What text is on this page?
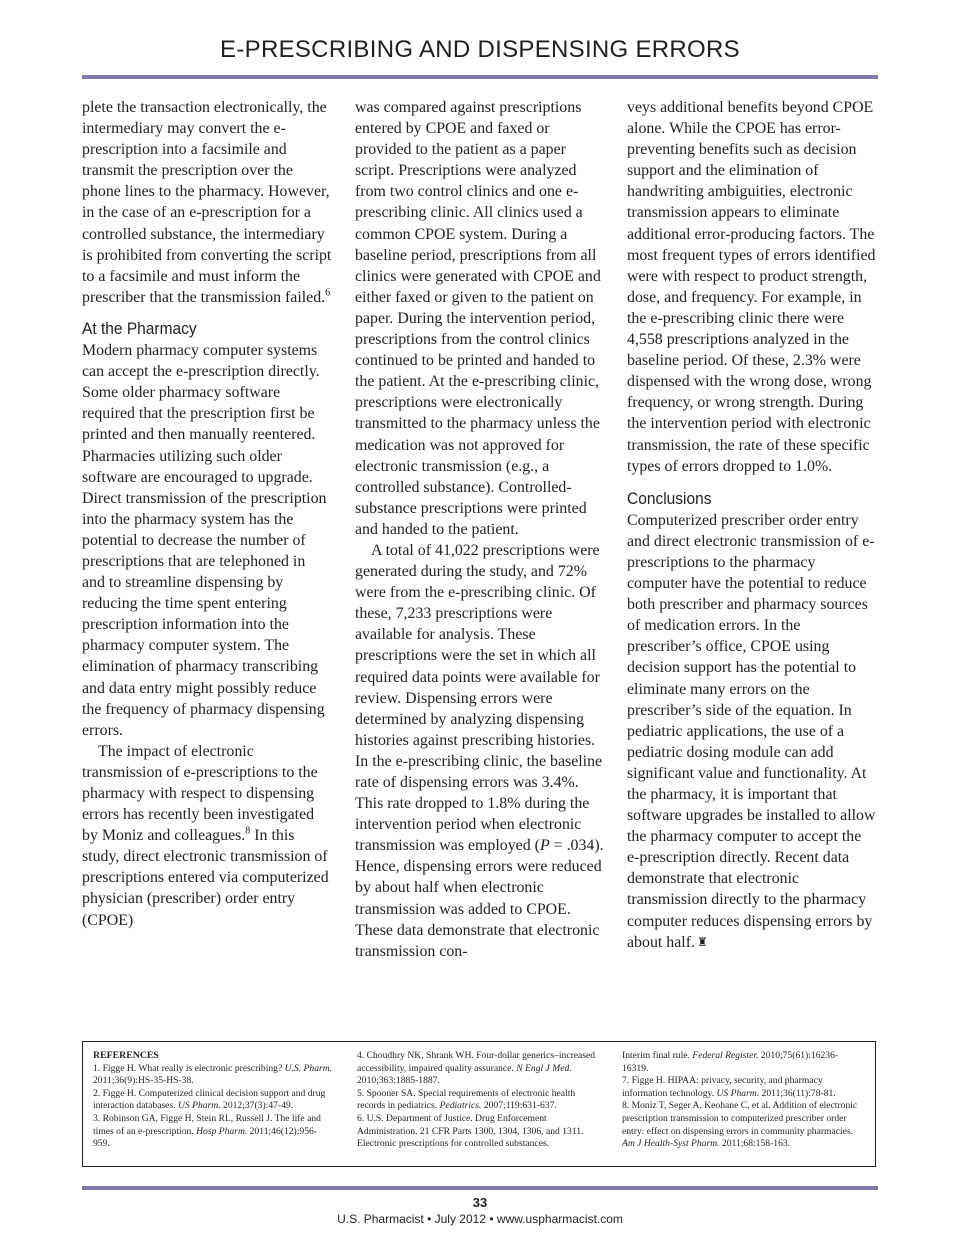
E-PRESCRIBING AND DISPENSING ERRORS

plete the transaction electronically, the intermediary may convert the e-prescription into a facsimile and transmit the prescription over the phone lines to the pharmacy. However, in the case of an e-prescription for a controlled substance, the intermediary is prohibited from converting the script to a facsimile and must inform the prescriber that the transmission failed.$^6$

At the Pharmacy

Modern pharmacy computer systems can accept the e-prescription directly. Some older pharmacy software required that the prescription first be printed and then manually reentered. Pharmacies utilizing such older software are encouraged to upgrade. Direct transmission of the prescription into the pharmacy system has the potential to decrease the number of prescriptions that are telephoned in and to streamline dispensing by reducing the time spent entering prescription information into the pharmacy computer system. The elimination of pharmacy transcribing and data entry might possibly reduce the frequency of pharmacy dispensing errors.

The impact of electronic transmission of e-prescriptions to the pharmacy with respect to dispensing errors has recently been investigated by Moniz and colleagues.$^8$ In this study, direct electronic transmission of prescriptions entered via computerized physician (prescriber) order entry (CPOE)

was compared against prescriptions entered by CPOE and faxed or provided to the patient as a paper script. Prescriptions were analyzed from two control clinics and one e-prescribing clinic. All clinics used a common CPOE system. During a baseline period, prescriptions from all clinics were generated with CPOE and either faxed or given to the patient on paper. During the intervention period, prescriptions from the control clinics continued to be printed and handed to the patient. At the e-prescribing clinic, prescriptions were electronically transmitted to the pharmacy unless the medication was not approved for electronic transmission (e.g., a controlled substance). Controlled-substance prescriptions were printed and handed to the patient.

A total of 41,022 prescriptions were generated during the study, and 72% were from the e-prescribing clinic. Of these, 7,233 prescriptions were available for analysis. These prescriptions were the set in which all required data points were available for review. Dispensing errors were determined by analyzing dispensing histories against prescribing histories. In the e-prescribing clinic, the baseline rate of dispensing errors was 3.4%. This rate dropped to 1.8% during the intervention period when electronic transmission was employed (P = .034). Hence, dispensing errors were reduced by about half when electronic transmission was added to CPOE. These data demonstrate that electronic transmission con-

veys additional benefits beyond CPOE alone. While the CPOE has error-preventing benefits such as decision support and the elimination of handwriting ambiguities, electronic transmission appears to eliminate additional error-producing factors. The most frequent types of errors identified were with respect to product strength, dose, and frequency. For example, in the e-prescribing clinic there were 4,558 prescriptions analyzed in the baseline period. Of these, 2.3% were dispensed with the wrong dose, wrong frequency, or wrong strength. During the intervention period with electronic transmission, the rate of these specific types of errors dropped to 1.0%.

Conclusions

Computerized prescriber order entry and direct electronic transmission of e-prescriptions to the pharmacy computer have the potential to reduce both prescriber and pharmacy sources of medication errors. In the prescriber’s office, CPOE using decision support has the potential to eliminate many errors on the prescriber’s side of the equation. In pediatric applications, the use of a pediatric dosing module can add significant value and functionality. At the pharmacy, it is important that software upgrades be installed to allow the pharmacy computer to accept the e-prescription directly. Recent data demonstrate that electronic transmission directly to the pharmacy computer reduces dispensing errors by about half. ♜

REFERENCES
1. Figge H. What really is electronic prescribing? U.S. Pharm. 2011;36(9):HS-35-HS-38.
2. Figge H. Computerized clinical decision support and drug interaction databases. US Pharm. 2012;37(3):47-49.
3. Robinson GA, Figge H, Stein RL, Russell J. The life and times of an e-prescription. Hosp Pharm. 2011;46(12):956-959.
4. Choudhry NK, Shrank WH. Four-dollar generics–increased accessibility, impaired quality assurance. N Engl J Med. 2010;363:1885-1887.
5. Spooner SA. Special requirements of electronic health records in pediatrics. Pediatrics. 2007;119:631-637.
6. U.S. Department of Justice. Drug Enforcement Administration. 21 CFR Parts 1300, 1304, 1306, and 1311. Electronic prescriptions for controlled substances.
Interim final rule. Federal Register. 2010;75(61):16236-16319.
7. Figge H. HIPAA: privacy, security, and pharmacy information technology. US Pharm. 2011;36(11):78-81.
8. Moniz T, Seger A, Keohane C, et al. Addition of electronic prescription transmission to computerized prescriber order entry: effect on dispensing errors in community pharmacies. Am J Health-Syst Pharm. 2011;68:158-163.
33
U.S. Pharmacist • July 2012 • www.uspharmacist.com
